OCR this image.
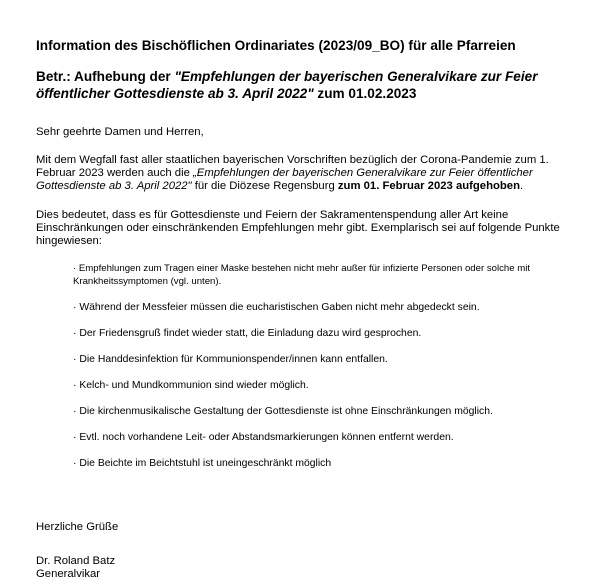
Information des Bischöflichen Ordinariates (2023/09_BO) für alle Pfarreien
Betr.: Aufhebung der "Empfehlungen der bayerischen Generalvikare zur Feier öffentlicher Gottesdienste ab 3. April 2022" zum 01.02.2023
Sehr geehrte Damen und Herren,
Mit dem Wegfall fast aller staatlichen bayerischen Vorschriften bezüglich der Corona-Pandemie zum 1. Februar 2023 werden auch die „Empfehlungen der bayerischen Generalvikare zur Feier öffentlicher Gottesdienste ab 3. April 2022" für die Diözese Regensburg zum 01. Februar 2023 aufgehoben.
Dies bedeutet, dass es für Gottesdienste und Feiern der Sakramentenspendung aller Art keine Einschränkungen oder einschränkenden Empfehlungen mehr gibt. Exemplarisch sei auf folgende Punkte hingewiesen:
· Empfehlungen zum Tragen einer Maske bestehen nicht mehr außer für infizierte Personen oder solche mit Krankheitssymptomen (vgl. unten).
· Während der Messfeier müssen die eucharistischen Gaben nicht mehr abgedeckt sein.
· Der Friedensgruß findet wieder statt, die Einladung dazu wird gesprochen.
· Die Handdesinfektion für Kommunionspender/innen kann entfallen.
· Kelch- und Mundkommunion sind wieder möglich.
· Die kirchenmusikalische Gestaltung der Gottesdienste ist ohne Einschränkungen möglich.
· Evtl. noch vorhandene Leit- oder Abstandsmarkierungen können entfernt werden.
· Die Beichte im Beichtstuhl ist uneingeschränkt möglich
Herzliche Grüße
Dr. Roland Batz
Generalvikar
